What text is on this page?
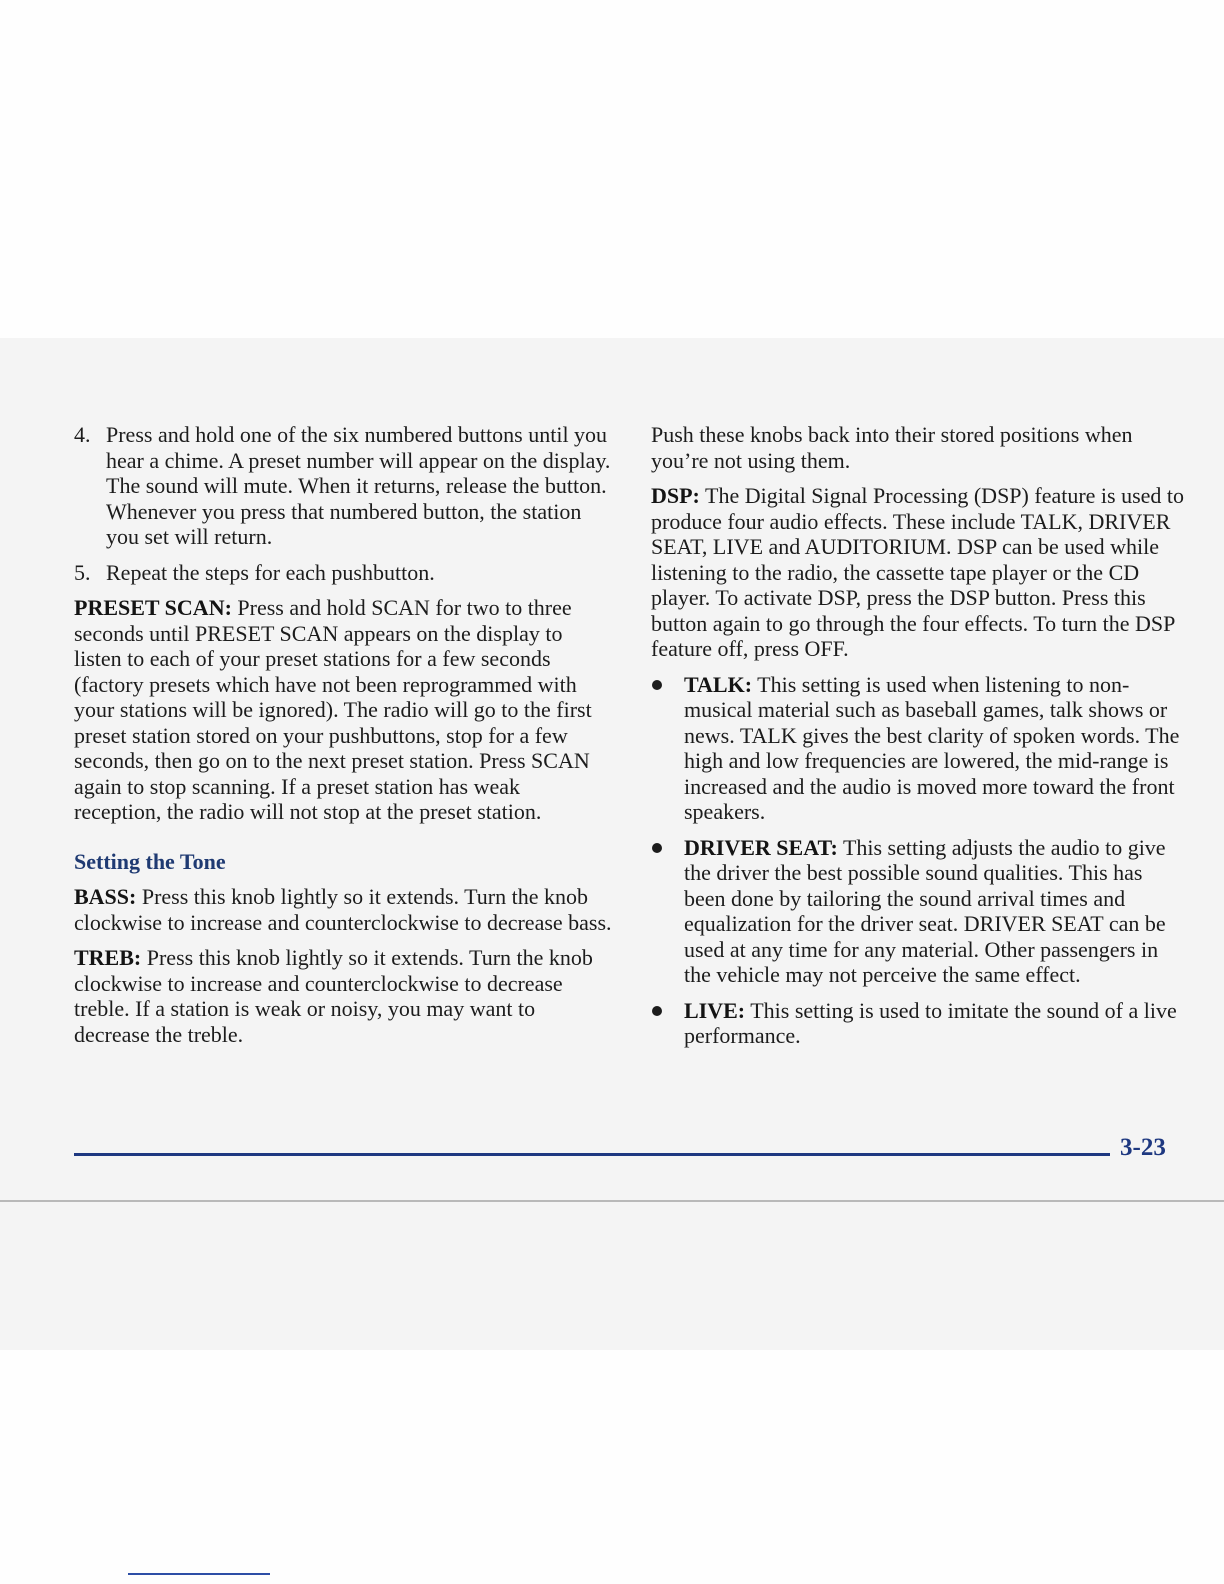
4. Press and hold one of the six numbered buttons until you hear a chime. A preset number will appear on the display. The sound will mute. When it returns, release the button. Whenever you press that numbered button, the station you set will return.
5. Repeat the steps for each pushbutton.

PRESET SCAN: Press and hold SCAN for two to three seconds until PRESET SCAN appears on the display to listen to each of your preset stations for a few seconds (factory presets which have not been reprogrammed with your stations will be ignored). The radio will go to the first preset station stored on your pushbuttons, stop for a few seconds, then go on to the next preset station. Press SCAN again to stop scanning. If a preset station has weak reception, the radio will not stop at the preset station.

Setting the Tone

BASS: Press this knob lightly so it extends. Turn the knob clockwise to increase and counterclockwise to decrease bass.

TREB: Press this knob lightly so it extends. Turn the knob clockwise to increase and counterclockwise to decrease treble. If a station is weak or noisy, you may want to decrease the treble.

Push these knobs back into their stored positions when you’re not using them.

DSP: The Digital Signal Processing (DSP) feature is used to produce four audio effects. These include TALK, DRIVER SEAT, LIVE and AUDITORIUM. DSP can be used while listening to the radio, the cassette tape player or the CD player. To activate DSP, press the DSP button. Press this button again to go through the four effects. To turn the DSP feature off, press OFF.

TALK: This setting is used when listening to non-musical material such as baseball games, talk shows or news. TALK gives the best clarity of spoken words. The high and low frequencies are lowered, the mid-range is increased and the audio is moved more toward the front speakers.
DRIVER SEAT: This setting adjusts the audio to give the driver the best possible sound qualities. This has been done by tailoring the sound arrival times and equalization for the driver seat. DRIVER SEAT can be used at any time for any material. Other passengers in the vehicle may not perceive the same effect.
LIVE: This setting is used to imitate the sound of a live performance.
3-23
